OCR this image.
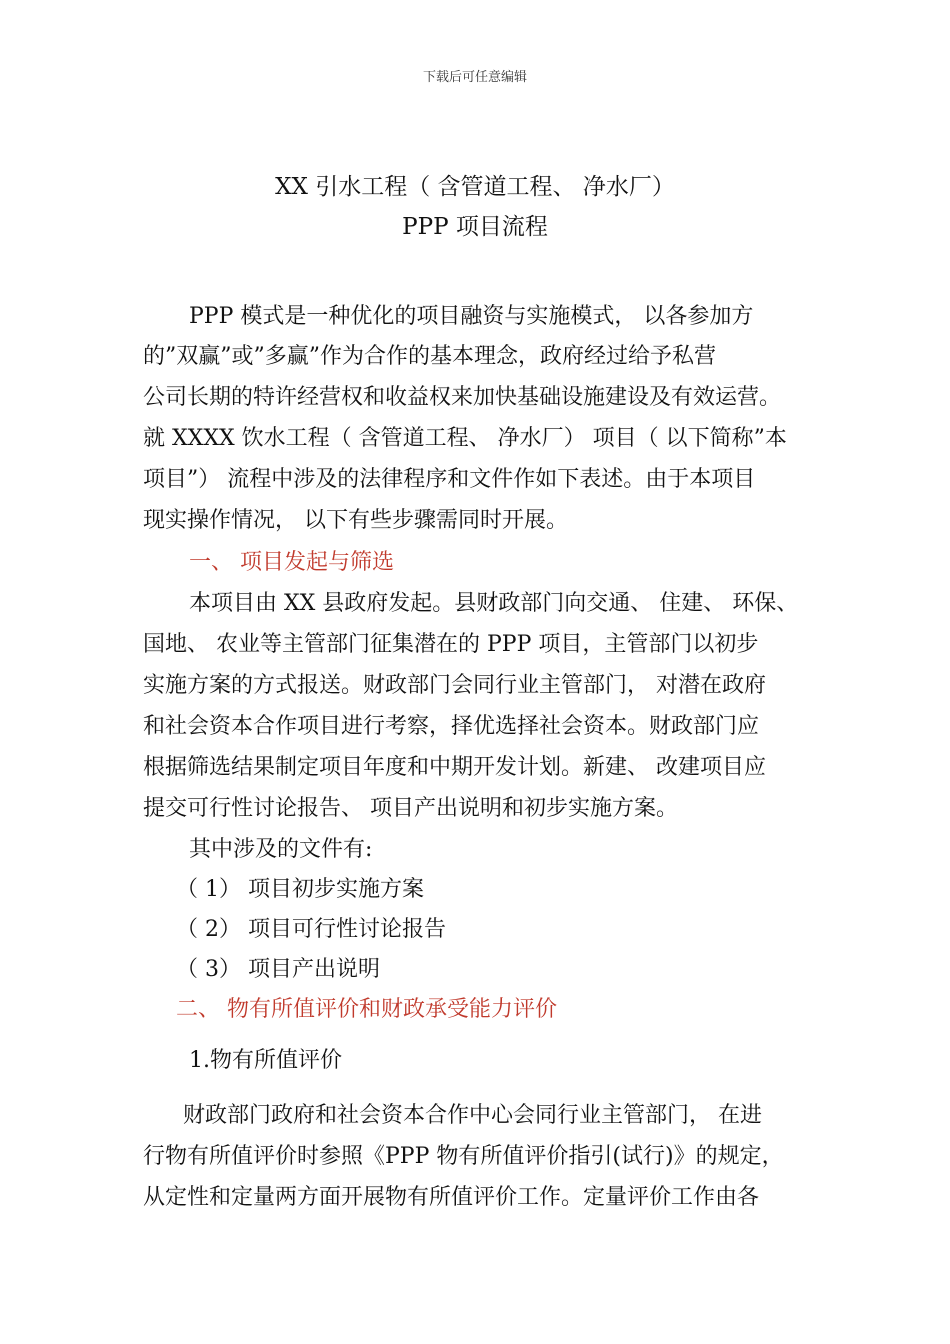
下载后可任意编辑
XX 引水工程（ 含管道工程、 净水厂）
PPP 项目流程
PPP 模式是一种优化的项目融资与实施模式， 以各参加方
的”双赢”或”多赢”作为合作的基本理念，政府经过给予私营
公司长期的特许经营权和收益权来加快基础设施建设及有效运营。
就 XXXX 饮水工程（ 含管道工程、 净水厂） 项目（ 以下简称”本
项目”） 流程中涉及的法律程序和文件作如下表述。由于本项目
现实操作情况， 以下有些步骤需同时开展。
一、 项目发起与筛选
本项目由 XX 县政府发起。县财政部门向交通、 住建、 环保、
国地、 农业等主管部门征集潜在的 PPP 项目，主管部门以初步
实施方案的方式报送。财政部门会同行业主管部门， 对潜在政府
和社会资本合作项目进行考察，择优选择社会资本。财政部门应
根据筛选结果制定项目年度和中期开发计划。新建、 改建项目应
提交可行性讨论报告、 项目产出说明和初步实施方案。
其中涉及的文件有:
（ 1） 项目初步实施方案
（ 2） 项目可行性讨论报告
（ 3） 项目产出说明
二、 物有所值评价和财政承受能力评价
1.物有所值评价
财政部门政府和社会资本合作中心会同行业主管部门， 在进
行物有所值评价时参照《PPP 物有所值评价指引(试行)》的规定，
从定性和定量两方面开展物有所值评价工作。定量评价工作由各
